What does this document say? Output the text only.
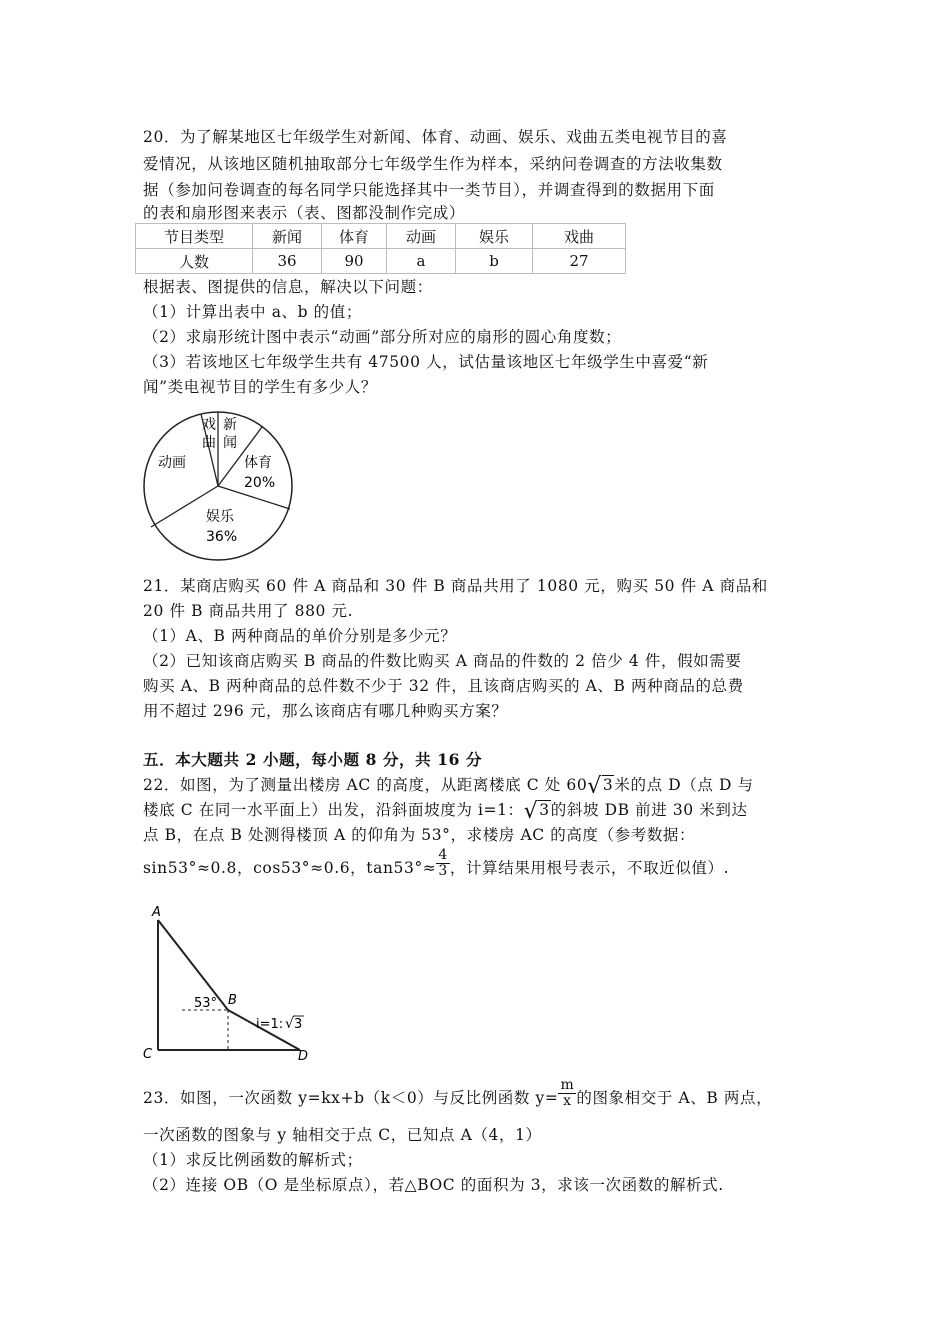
20．为了解某地区七年级学生对新闻、体育、动画、娱乐、戏曲五类电视节目的喜
爱情况，从该地区随机抽取部分七年级学生作为样本，采纳问卷调查的方法收集数
据（参加问卷调查的每名同学只能选择其中一类节目），并调查得到的数据用下面
的表和扇形图来表示（表、图都没制作完成）
节目类型	新闻	体育	动画	娱乐	戏曲
人数	36	90	a	b	27
根据表、图提供的信息，解决以下问题：
（1）计算出表中 a、b 的值；
（2）求扇形统计图中表示“动画”部分所对应的扇形的圆心角度数；
（3）若该地区七年级学生共有 47500 人，试估量该地区七年级学生中喜爱“新
闻”类电视节目的学生有多少人？
戏
曲
新
闻
动画	体育
20%
娱乐
36%
21．某商店购买 60 件 A 商品和 30 件 B 商品共用了 1080 元，购买 50 件 A 商品和
20 件 B 商品共用了 880 元.
（1）A、B 两种商品的单价分别是多少元？
（2）已知该商店购买 B 商品的件数比购买 A 商品的件数的 2 倍少 4 件，假如需要
购买 A、B 两种商品的总件数不少于 32 件，且该商店购买的 A、B 两种商品的总费
用不超过 296 元，那么该商店有哪几种购买方案？
五．本大题共 2 小题，每小题 8 分，共 16 分
22．如图，为了测量出楼房 AC 的高度，从距离楼底 C 处 60√3米的点 D（点 D 与
楼底 C 在同一水平面上）出发，沿斜面坡度为 i=1：√3的斜坡 DB 前进 30 米到达
点 B，在点 B 处测得楼顶 A 的仰角为 53°，求楼房 AC 的高度（参考数据：
sin53°≈0.8，cos53°≈0.6，$\tan 53^\circ\approx \frac{4}{3}$ ，计算结果用根号表示，不取近似值）.
A
B
C	D
53°
i=1: √ 3
23．如图，一次函数 y=kx+b（k＜0）与反比例函数 $y= \frac{m}{x}$ 的图象相交于 A、B 两点，
一次函数的图象与 y 轴相交于点 C，已知点 A（4，1）
（1）求反比例函数的解析式；
（2）连接 OB（O 是坐标原点），若△BOC 的面积为 3，求该一次函数的解析式.
